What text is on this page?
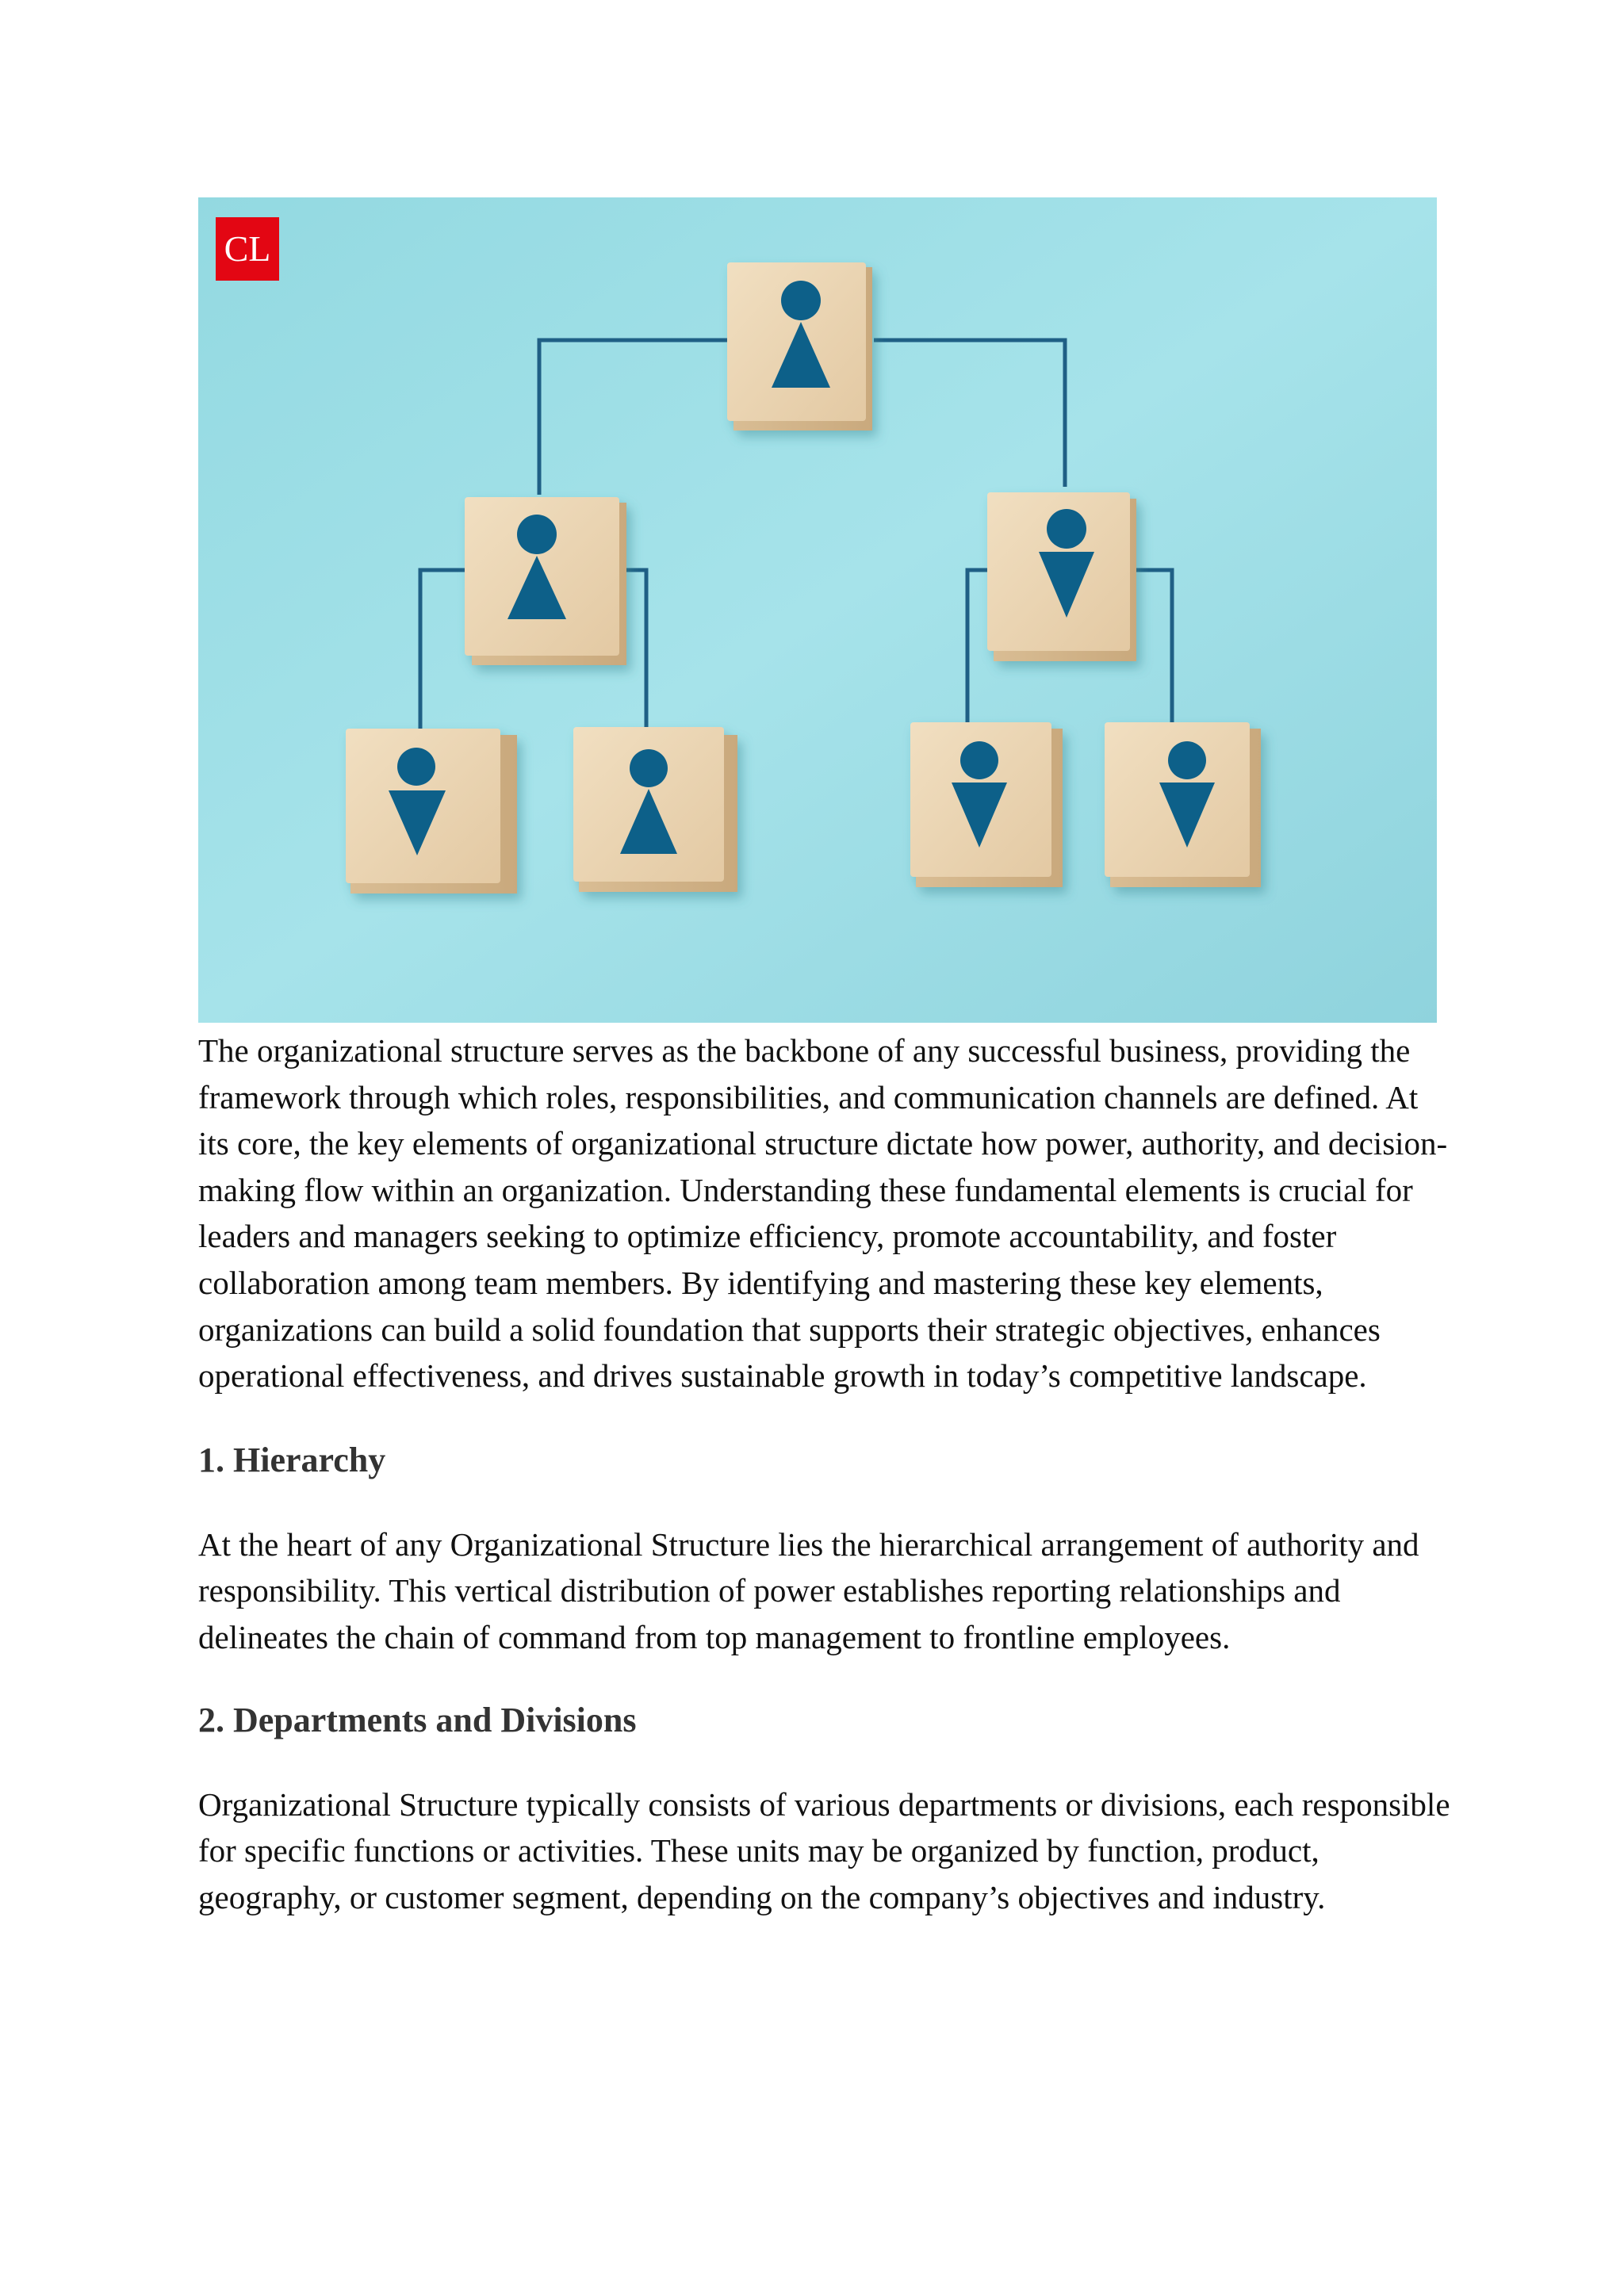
CL

The organizational structure serves as the backbone of any successful business, providing the framework through which roles, responsibilities, and communication channels are defined. At its core, the key elements of organizational structure dictate how power, authority, and decision-making flow within an organization. Understanding these fundamental elements is crucial for leaders and managers seeking to optimize efficiency, promote accountability, and foster collaboration among team members. By identifying and mastering these key elements, organizations can build a solid foundation that supports their strategic objectives, enhances operational effectiveness, and drives sustainable growth in today’s competitive landscape.

1. Hierarchy

At the heart of any Organizational Structure lies the hierarchical arrangement of authority and responsibility. This vertical distribution of power establishes reporting relationships and delineates the chain of command from top management to frontline employees.

2. Departments and Divisions

Organizational Structure typically consists of various departments or divisions, each responsible for specific functions or activities. These units may be organized by function, product, geography, or customer segment, depending on the company’s objectives and industry.
